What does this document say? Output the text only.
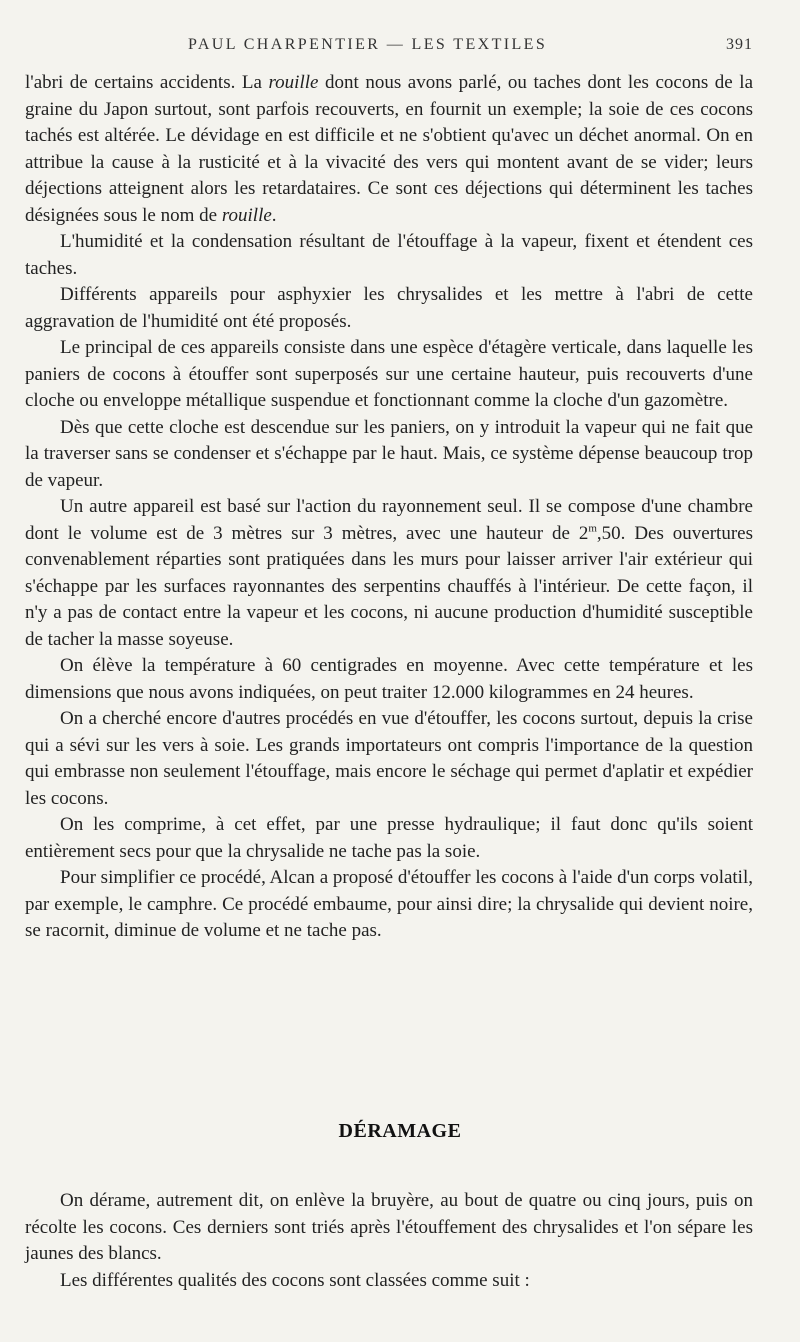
PAUL CHARPENTIER — LES TEXTILES	391

l'abri de certains accidents. La rouille dont nous avons parlé, ou taches dont les cocons de la graine du Japon surtout, sont parfois recouverts, en fournit un exemple; la soie de ces cocons tachés est altérée. Le dévidage en est difficile et ne s'obtient qu'avec un déchet anormal. On en attribue la cause à la rusticité et à la vivacité des vers qui montent avant de se vider; leurs déjections atteignent alors les retardataires. Ce sont ces déjections qui déterminent les taches désignées sous le nom de rouille.

L'humidité et la condensation résultant de l'étouffage à la vapeur, fixent et étendent ces taches.

Différents appareils pour asphyxier les chrysalides et les mettre à l'abri de cette aggravation de l'humidité ont été proposés.

Le principal de ces appareils consiste dans une espèce d'étagère verticale, dans laquelle les paniers de cocons à étouffer sont superposés sur une certaine hauteur, puis recouverts d'une cloche ou enveloppe métallique suspendue et fonctionnant comme la cloche d'un gazomètre.

Dès que cette cloche est descendue sur les paniers, on y introduit la vapeur qui ne fait que la traverser sans se condenser et s'échappe par le haut. Mais, ce système dépense beaucoup trop de vapeur.

Un autre appareil est basé sur l'action du rayonnement seul. Il se compose d'une chambre dont le volume est de 3 mètres sur 3 mètres, avec une hauteur de 2$^m$,50. Des ouvertures convenablement réparties sont pratiquées dans les murs pour laisser arriver l'air extérieur qui s'échappe par les surfaces rayonnantes des serpentins chauffés à l'intérieur. De cette façon, il n'y a pas de contact entre la vapeur et les cocons, ni aucune production d'humidité susceptible de tacher la masse soyeuse.

On élève la température à 60 centigrades en moyenne. Avec cette température et les dimensions que nous avons indiquées, on peut traiter 12.000 kilogrammes en 24 heures.

On a cherché encore d'autres procédés en vue d'étouffer, les cocons surtout, depuis la crise qui a sévi sur les vers à soie. Les grands importateurs ont compris l'importance de la question qui embrasse non seulement l'étouffage, mais encore le séchage qui permet d'aplatir et expédier les cocons.

On les comprime, à cet effet, par une presse hydraulique; il faut donc qu'ils soient entièrement secs pour que la chrysalide ne tache pas la soie.

Pour simplifier ce procédé, Alcan a proposé d'étouffer les cocons à l'aide d'un corps volatil, par exemple, le camphre. Ce procédé embaume, pour ainsi dire; la chrysalide qui devient noire, se racornit, diminue de volume et ne tache pas.

DÉRAMAGE

On dérame, autrement dit, on enlève la bruyère, au bout de quatre ou cinq jours, puis on récolte les cocons. Ces derniers sont triés après l'étouffement des chrysalides et l'on sépare les jaunes des blancs.

Les différentes qualités des cocons sont classées comme suit :
